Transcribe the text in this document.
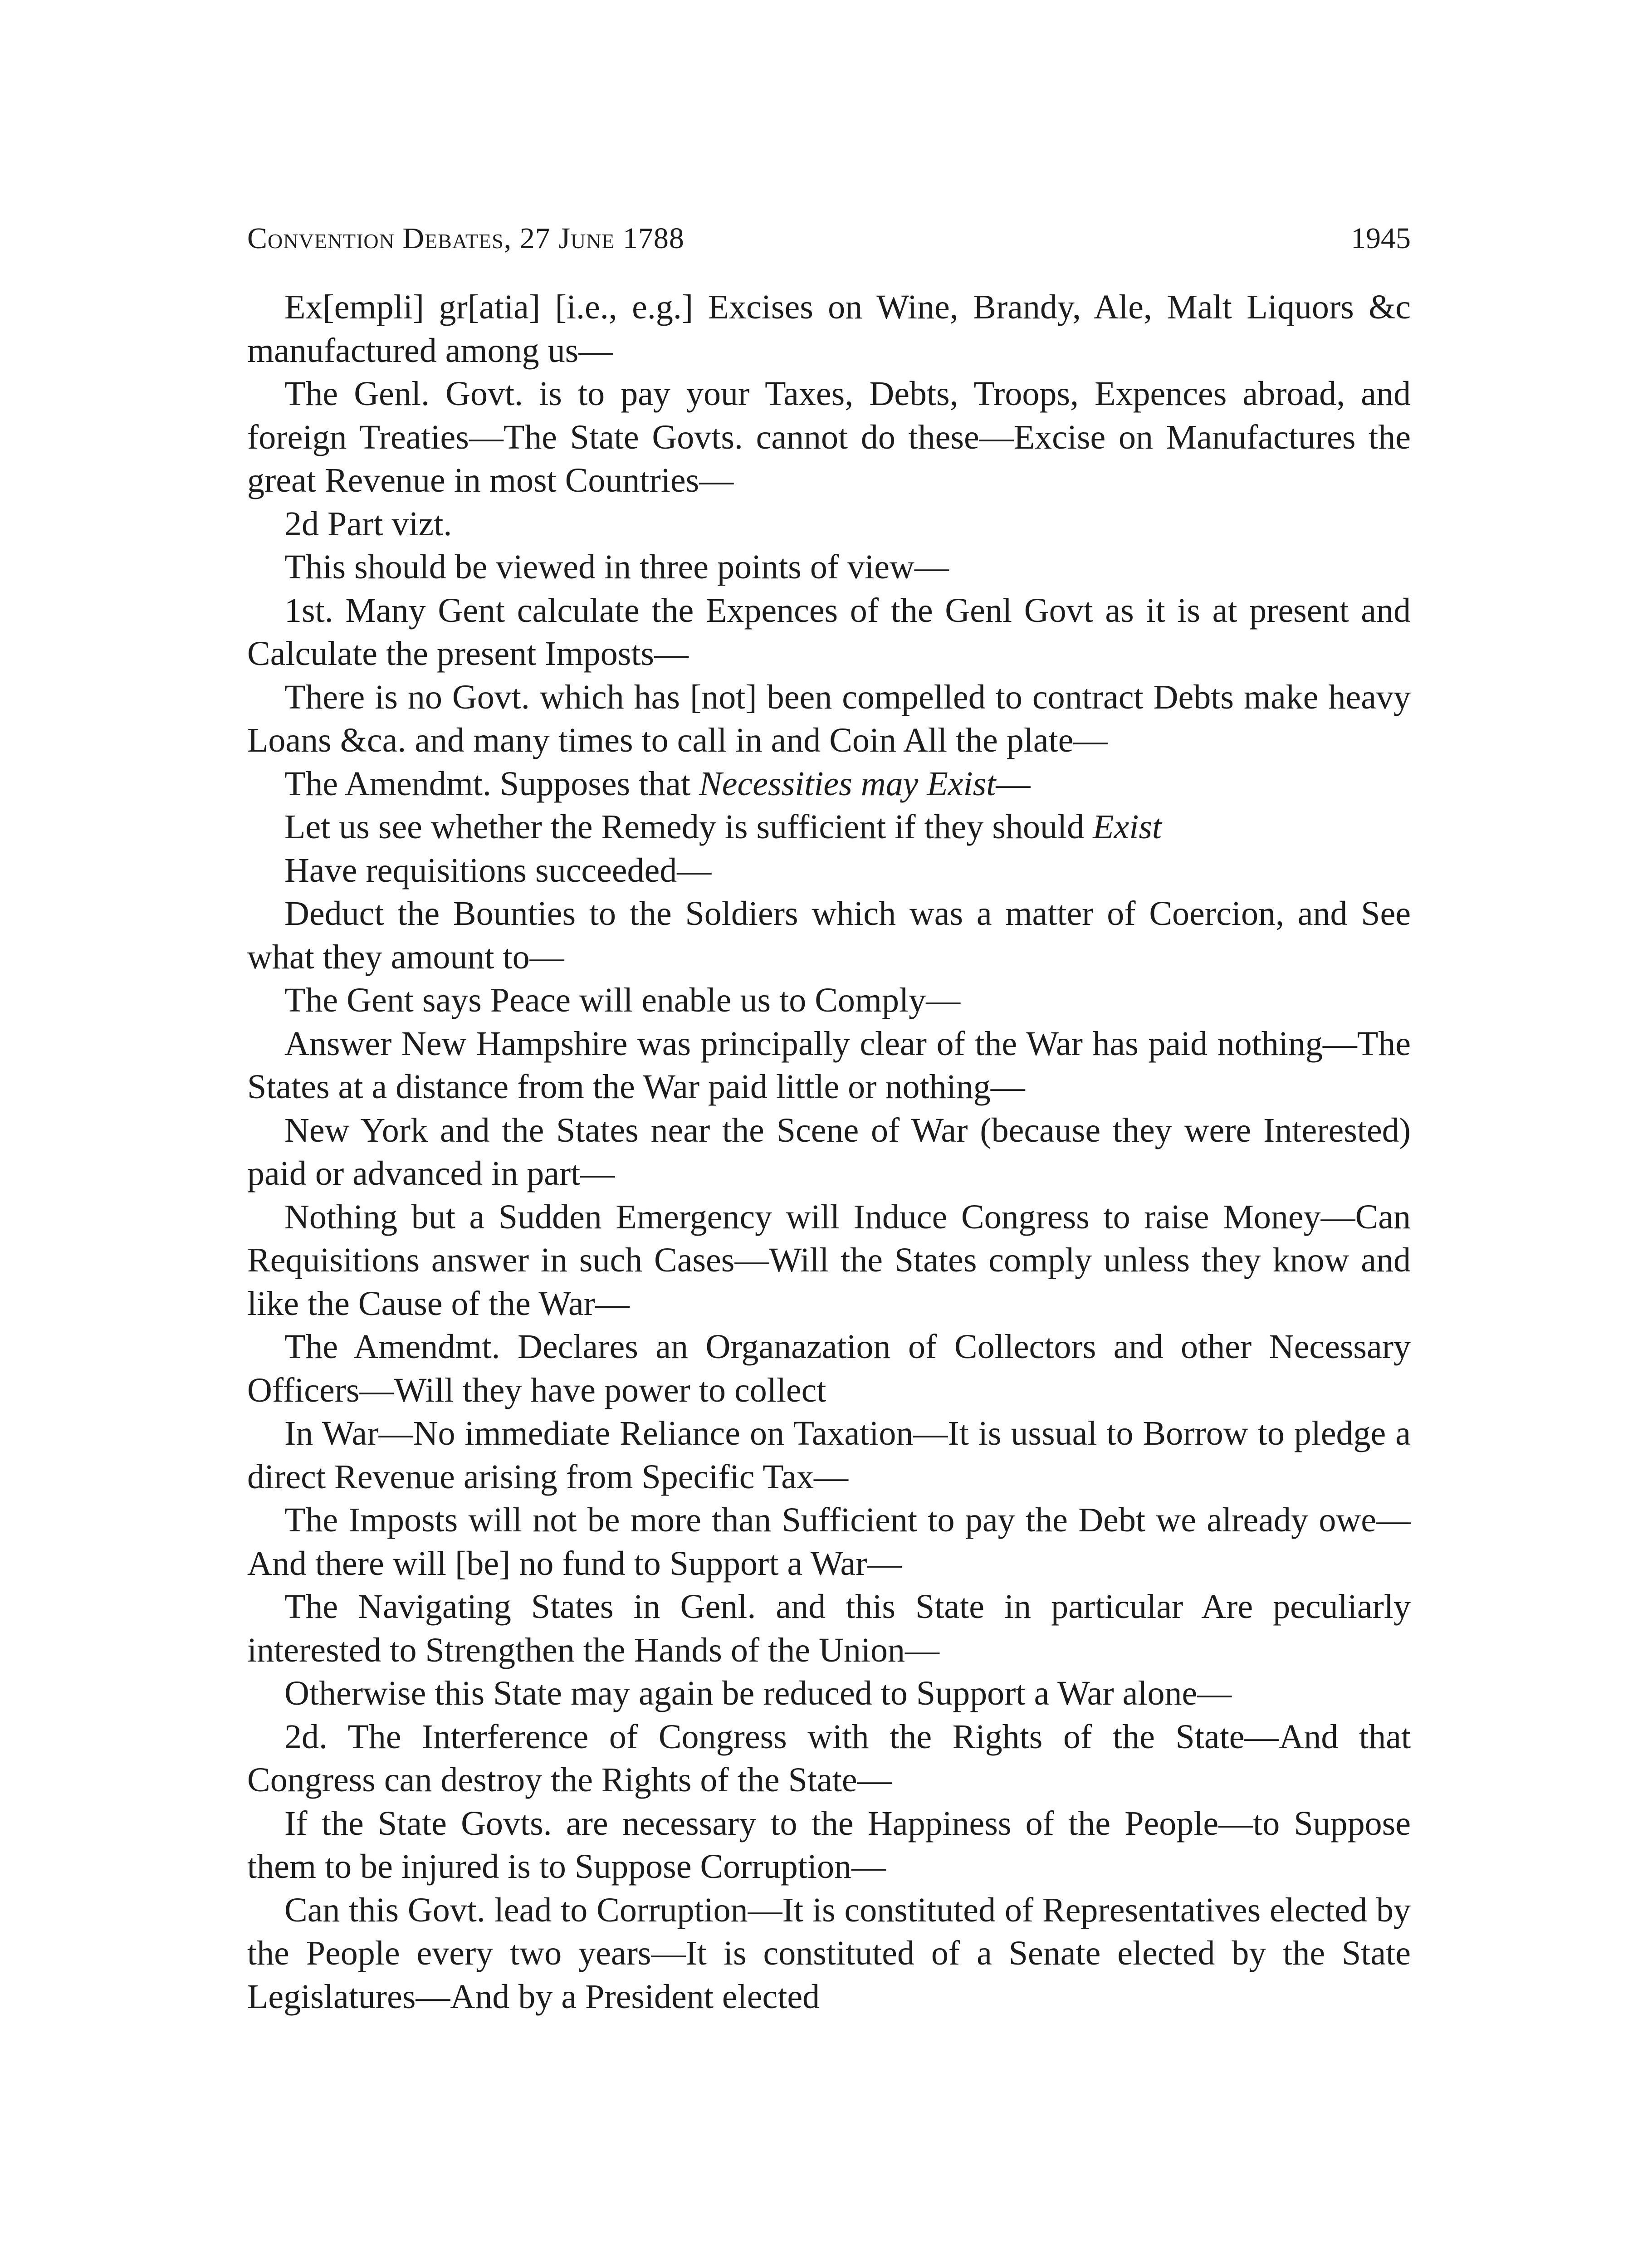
Convention Debates, 27 June 1788	1945

Ex[empli] gr[atia] [i.e., e.g.] Excises on Wine, Brandy, Ale, Malt Liquors &c manufactured among us—

The Genl. Govt. is to pay your Taxes, Debts, Troops, Expences abroad, and foreign Treaties—The State Govts. cannot do these—Excise on Manufactures the great Revenue in most Countries—

2d Part vizt.

This should be viewed in three points of view—

1st. Many Gent calculate the Expences of the Genl Govt as it is at present and Calculate the present Imposts—

There is no Govt. which has [not] been compelled to contract Debts make heavy Loans &ca. and many times to call in and Coin All the plate—

The Amendmt. Supposes that Necessities may Exist—

Let us see whether the Remedy is sufficient if they should Exist

Have requisitions succeeded—

Deduct the Bounties to the Soldiers which was a matter of Coercion, and See what they amount to—

The Gent says Peace will enable us to Comply—

Answer New Hampshire was principally clear of the War has paid nothing—The States at a distance from the War paid little or nothing—

New York and the States near the Scene of War (because they were Interested) paid or advanced in part—

Nothing but a Sudden Emergency will Induce Congress to raise Money—Can Requisitions answer in such Cases—Will the States comply unless they know and like the Cause of the War—

The Amendmt. Declares an Organazation of Collectors and other Necessary Officers—Will they have power to collect

In War—No immediate Reliance on Taxation—It is ussual to Borrow to pledge a direct Revenue arising from Specific Tax—

The Imposts will not be more than Sufficient to pay the Debt we already owe—And there will [be] no fund to Support a War—

The Navigating States in Genl. and this State in particular Are peculiarly interested to Strengthen the Hands of the Union—

Otherwise this State may again be reduced to Support a War alone—

2d. The Interference of Congress with the Rights of the State—And that Congress can destroy the Rights of the State—

If the State Govts. are necessary to the Happiness of the People—to Suppose them to be injured is to Suppose Corruption—

Can this Govt. lead to Corruption—It is constituted of Representatives elected by the People every two years—It is constituted of a Senate elected by the State Legislatures—And by a President elected
